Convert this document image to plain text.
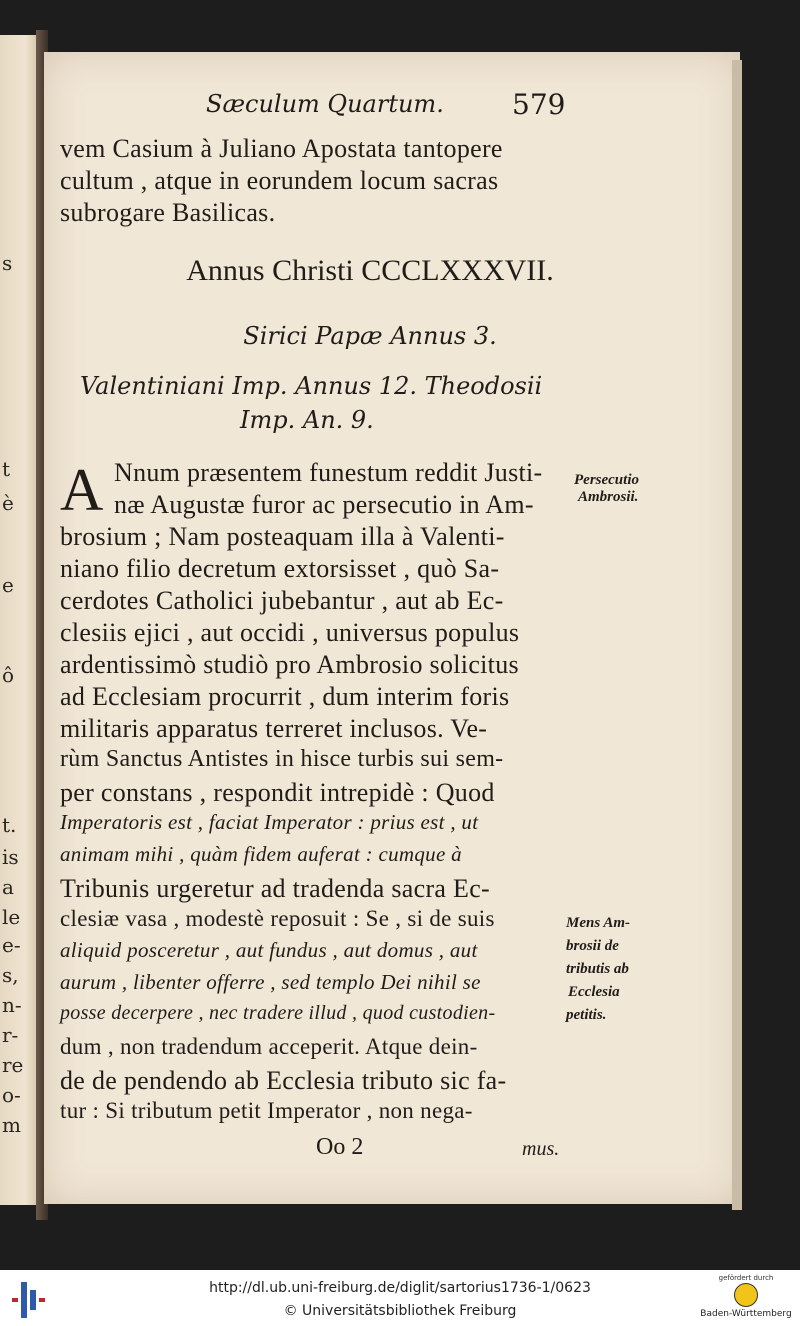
s
t
è
e
ô
t.
is
a
le
e-
s,
n-
r-
re
o-
m
Sæculum Quartum. 579
vem Casium à Juliano Apostata tantopere
cultum , atque in eorundem locum sacras
subrogare Basilicas.
Annus Christi CCCLXXXVII.
Sirici Papæ Annus 3.
Valentiniani Imp. Annus 12. Theodosii
Imp. An. 9.
A Nnum præsentem funestum reddit Justi-
næ Augustæ furor ac persecutio in Am-
brosium ; Nam posteaquam illa à Valenti-
niano filio decretum extorsisset , quò Sa-
cerdotes Catholici jubebantur , aut ab Ec-
clesiis ejici , aut occidi , universus populus
ardentissimò studiò pro Ambrosio solicitus
ad Ecclesiam procurrit , dum interim foris
militaris apparatus terreret inclusos. Ve-
rùm Sanctus Antistes in hisce turbis sui sem-
per constans , respondit intrepidè : Quod
Imperatoris est , faciat Imperator : prius est , ut
animam mihi , quàm fidem auferat : cumque à
Tribunis urgeretur ad tradenda sacra Ec-
clesiæ vasa , modestè reposuit : Se , si de suis
aliquid posceretur , aut fundus , aut domus , aut
aurum , libenter offerre , sed templo Dei nihil se
posse decerpere , nec tradere illud , quod custodien-
dum , non tradendum acceperit. Atque dein-
de de pendendo ab Ecclesia tributo sic fa-
tur : Si tributum petit Imperator , non nega-
Oo 2	mus.
Persecutio
Ambrosii.
Mens Am-
brosii de
tributis ab
Ecclesia
petitis.
http://dl.ub.uni-freiburg.de/diglit/sartorius1736-1/0623
© Universitätsbibliothek Freiburg
gefördert durch
Baden-Württemberg
